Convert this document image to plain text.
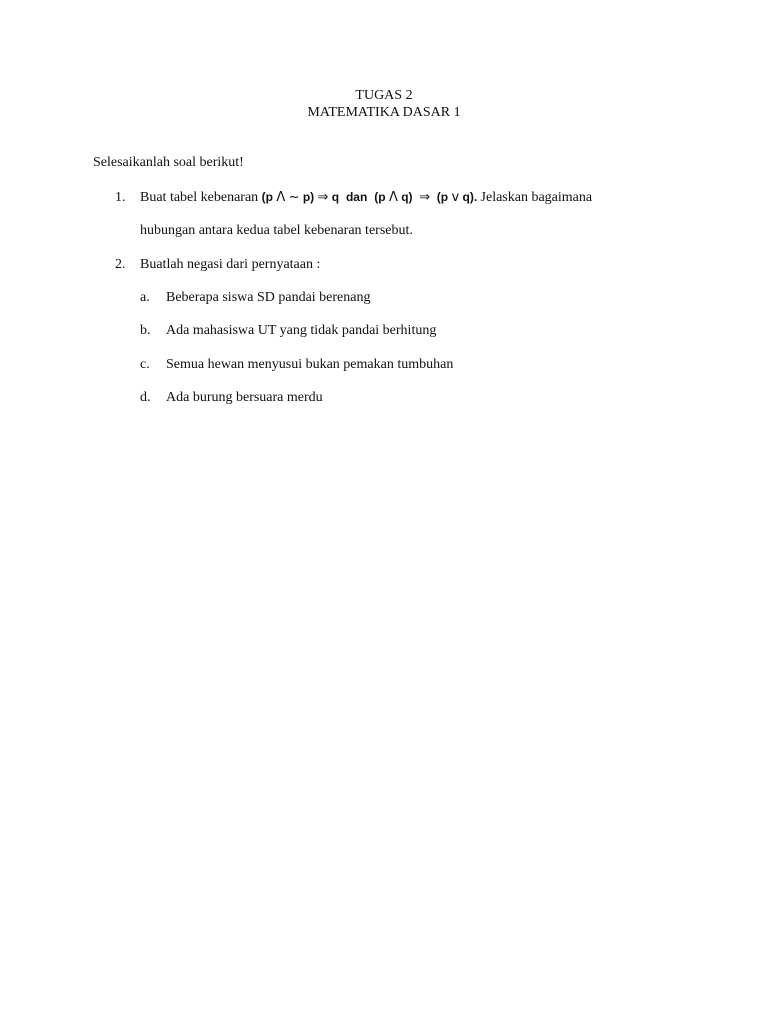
TUGAS 2
MATEMATIKA DASAR 1
Selesaikanlah soal berikut!
1. Buat tabel kebenaran (p Λ ~ p) ⇒ q dan (p Λ q) ⇒ (p v q). Jelaskan bagaimana
hubungan antara kedua tabel kebenaran tersebut.
2. Buatlah negasi dari pernyataan :
a. Beberapa siswa SD pandai berenang
b. Ada mahasiswa UT yang tidak pandai berhitung
c. Semua hewan menyusui bukan pemakan tumbuhan
d. Ada burung bersuara merdu
